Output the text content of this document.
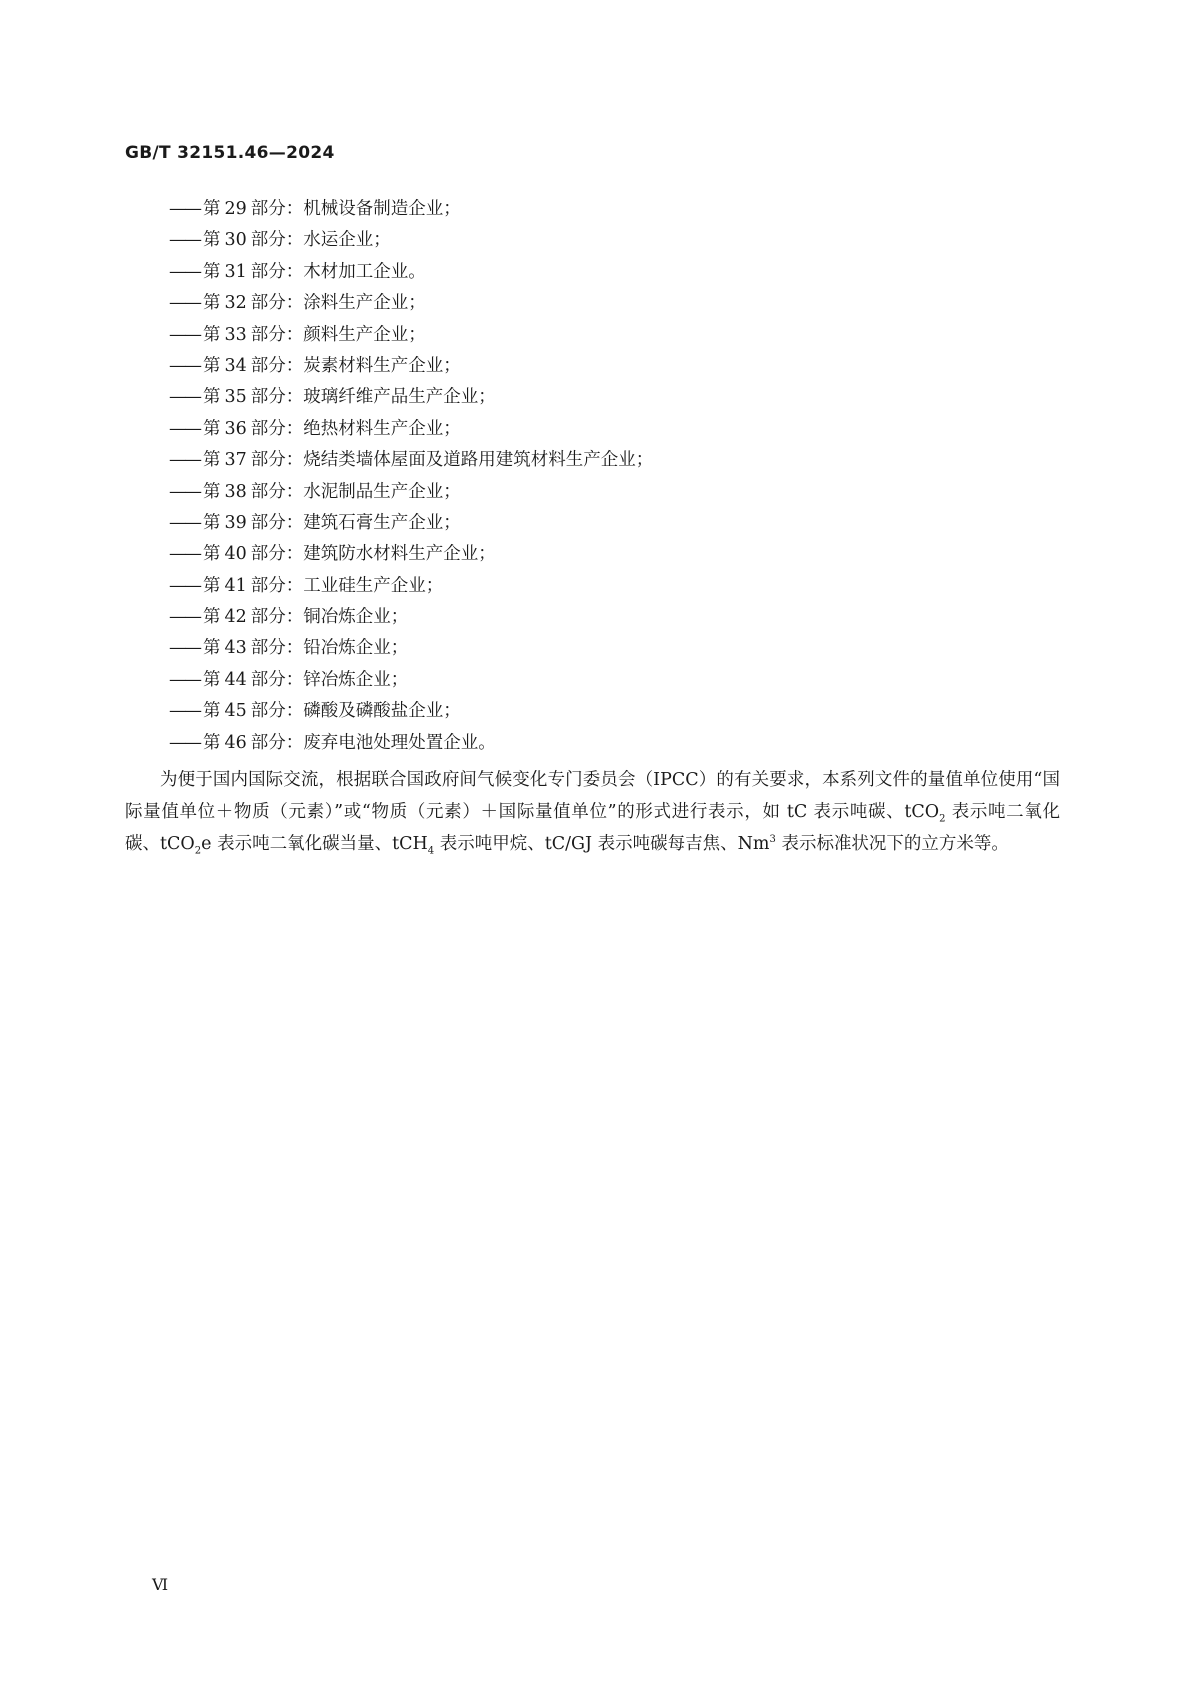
GB/T 32151.46—2024
—— 第 29 部分：机械设备制造企业；
—— 第 30 部分：水运企业；
—— 第 31 部分：木材加工企业。
—— 第 32 部分：涂料生产企业；
—— 第 33 部分：颜料生产企业；
—— 第 34 部分：炭素材料生产企业；
—— 第 35 部分：玻璃纤维产品生产企业；
—— 第 36 部分：绝热材料生产企业；
—— 第 37 部分：烧结类墙体屋面及道路用建筑材料生产企业；
—— 第 38 部分：水泥制品生产企业；
—— 第 39 部分：建筑石膏生产企业；
—— 第 40 部分：建筑防水材料生产企业；
—— 第 41 部分：工业硅生产企业；
—— 第 42 部分：铜冶炼企业；
—— 第 43 部分：铅冶炼企业；
—— 第 44 部分：锌冶炼企业；
—— 第 45 部分：磷酸及磷酸盐企业；
—— 第 46 部分：废弃电池处理处置企业。

为便于国内国际交流，根据联合国政府间气候变化专门委员会（IPCC）的有关要求，本系列文件的量值单位使用“国际量值单位＋物质（元素）”或“物质（元素）＋国际量值单位”的形式进行表示，如 tC 表示吨碳、tCO$_2$ 表示吨二氧化碳、tCO$_2$e 表示吨二氧化碳当量、tCH$_4$ 表示吨甲烷、tC/GJ 表示吨碳每吉焦、Nm$^3$ 表示标准状况下的立方米等。

Ⅵ
